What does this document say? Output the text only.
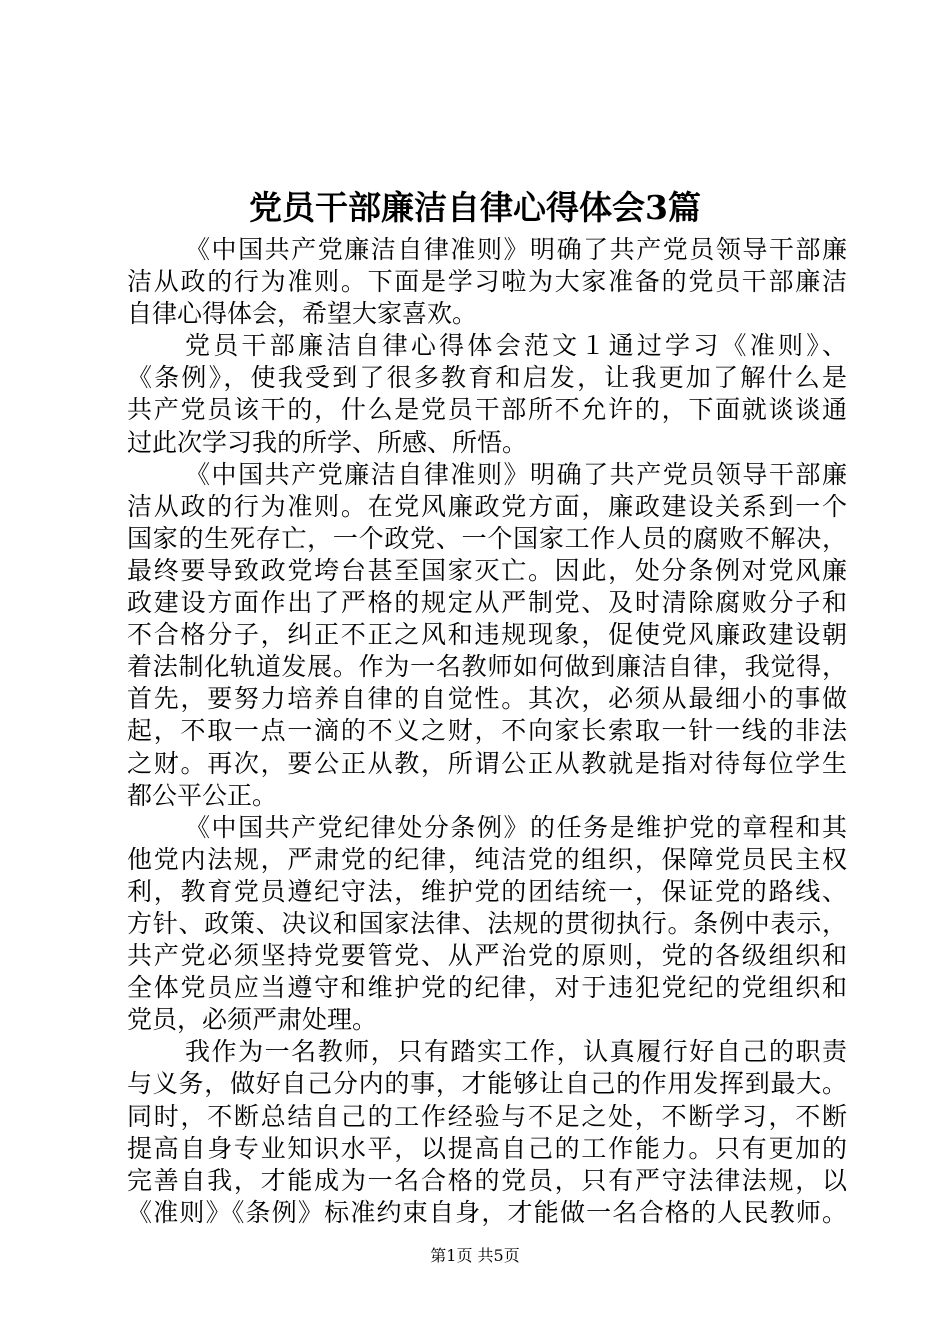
党员干部廉洁自律心得体会3篇
《中国共产党廉洁自律准则》明确了共产党员领导干部廉
洁从政的行为准则。下面是学习啦为大家准备的党员干部廉洁
自律心得体会，希望大家喜欢。
党员干部廉洁自律心得体会范文１通过学习《准则》、
《条例》，使我受到了很多教育和启发，让我更加了解什么是
共产党员该干的，什么是党员干部所不允许的，下面就谈谈通
过此次学习我的所学、所感、所悟。
《中国共产党廉洁自律准则》明确了共产党员领导干部廉
洁从政的行为准则。在党风廉政党方面，廉政建设关系到一个
国家的生死存亡，一个政党、一个国家工作人员的腐败不解决，
最终要导致政党垮台甚至国家灭亡。因此，处分条例对党风廉
政建设方面作出了严格的规定从严制党、及时清除腐败分子和
不合格分子，纠正不正之风和违规现象，促使党风廉政建设朝
着法制化轨道发展。作为一名教师如何做到廉洁自律，我觉得，
首先，要努力培养自律的自觉性。其次，必须从最细小的事做
起，不取一点一滴的不义之财，不向家长索取一针一线的非法
之财。再次，要公正从教，所谓公正从教就是指对待每位学生
都公平公正。
《中国共产党纪律处分条例》的任务是维护党的章程和其
他党内法规，严肃党的纪律，纯洁党的组织，保障党员民主权
利，教育党员遵纪守法，维护党的团结统一，保证党的路线、
方针、政策、决议和国家法律、法规的贯彻执行。条例中表示，
共产党必须坚持党要管党、从严治党的原则，党的各级组织和
全体党员应当遵守和维护党的纪律，对于违犯党纪的党组织和
党员，必须严肃处理。
我作为一名教师，只有踏实工作，认真履行好自己的职责
与义务，做好自己分内的事，才能够让自己的作用发挥到最大。
同时，不断总结自己的工作经验与不足之处，不断学习，不断
提高自身专业知识水平，以提高自己的工作能力。只有更加的
完善自我，才能成为一名合格的党员，只有严守法律法规，以
《准则》《条例》标准约束自身，才能做一名合格的人民教师。
第1页 共5页
